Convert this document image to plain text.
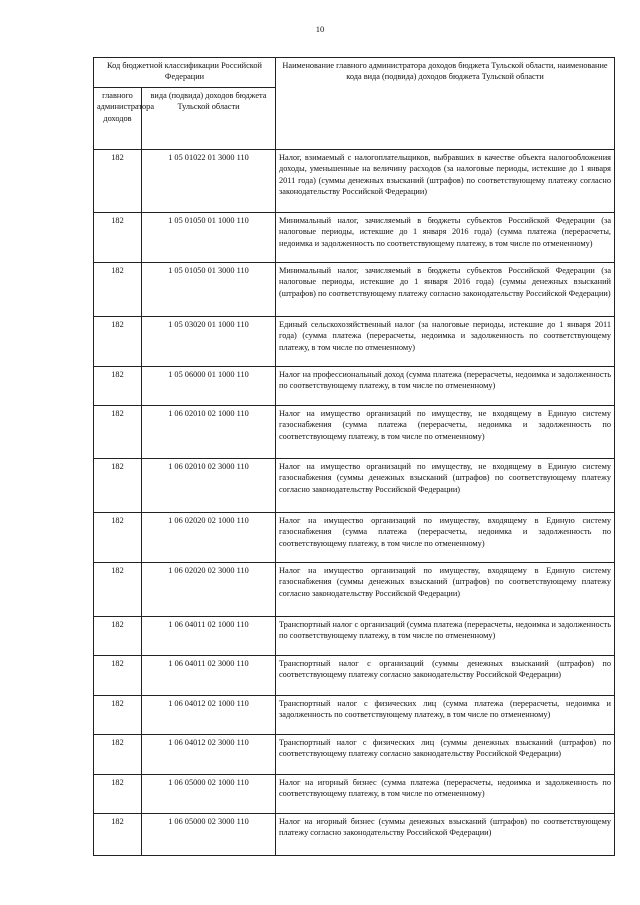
10
Код бюджетной классификации Российской Федерации		Наименование главного администратора доходов бюджета Тульской области, наименование кода вида (подвида) доходов бюджета Тульской области
главного администратора доходов	вида (подвида) доходов бюджета Тульской области	
182	1 05 01022 01 3000 110	Налог, взимаемый с налогоплательщиков, выбравших в качестве объекта налогообложения доходы, уменьшенные на величину расходов (за налоговые периоды, истекшие до 1 января 2011 года) (суммы денежных взысканий (штрафов) по соответствующему платежу согласно законодательству Российской Федерации)
182	1 05 01050 01 1000 110	Минимальный налог, зачисляемый в бюджеты субъектов Российской Федерации (за налоговые периоды, истекшие до 1 января 2016 года) (сумма платежа (перерасчеты, недоимка и задолженность по соответствующему платежу, в том числе по отмененному)
182	1 05 01050 01 3000 110	Минимальный налог, зачисляемый в бюджеты субъектов Российской Федерации (за налоговые периоды, истекшие до 1 января 2016 года) (суммы денежных взысканий (штрафов) по соответствующему платежу согласно законодательству Российской Федерации)
182	1 05 03020 01 1000 110	Единый сельскохозяйственный налог (за налоговые периоды, истекшие до 1 января 2011 года) (сумма платежа (перерасчеты, недоимка и задолженность по соответствующему платежу, в том числе по отмененному)
182	1 05 06000 01 1000 110	Налог на профессиональный доход (сумма платежа (перерасчеты, недоимка и задолженность по соответствующему платежу, в том числе по отмененному)
182	1 06 02010 02 1000 110	Налог на имущество организаций по имуществу, не входящему в Единую систему газоснабжения (сумма платежа (перерасчеты, недоимка и задолженность по соответствующему платежу, в том числе по отмененному)
182	1 06 02010 02 3000 110	Налог на имущество организаций по имуществу, не входящему в Единую систему газоснабжения (суммы денежных взысканий (штрафов) по соответствующему платежу согласно законодательству Российской Федерации)
182	1 06 02020 02 1000 110	Налог на имущество организаций по имуществу, входящему в Единую систему газоснабжения (сумма платежа (перерасчеты, недоимка и задолженность по соответствующему платежу, в том числе по отмененному)
182	1 06 02020 02 3000 110	Налог на имущество организаций по имуществу, входящему в Единую систему газоснабжения (суммы денежных взысканий (штрафов) по соответствующему платежу согласно законодательству Российской Федерации)
182	1 06 04011 02 1000 110	Транспортный налог с организаций (сумма платежа (перерасчеты, недоимка и задолженность по соответствующему платежу, в том числе по отмененному)
182	1 06 04011 02 3000 110	Транспортный налог с организаций (суммы денежных взысканий (штрафов) по соответствующему платежу согласно законодательству Российской Федерации)
182	1 06 04012 02 1000 110	Транспортный налог с физических лиц (сумма платежа (перерасчеты, недоимка и задолженность по соответствующему платежу, в том числе по отмененному)
182	1 06 04012 02 3000 110	Транспортный налог с физических лиц (суммы денежных взысканий (штрафов) по соответствующему платежу согласно законодательству Российской Федерации)
182	1 06 05000 02 1000 110	Налог на игорный бизнес (сумма платежа (перерасчеты, недоимка и задолженность по соответствующему платежу, в том числе по отмененному)
182	1 06 05000 02 3000 110	Налог на игорный бизнес (суммы денежных взысканий (штрафов) по соответствующему платежу согласно законодательству Российской Федерации)
